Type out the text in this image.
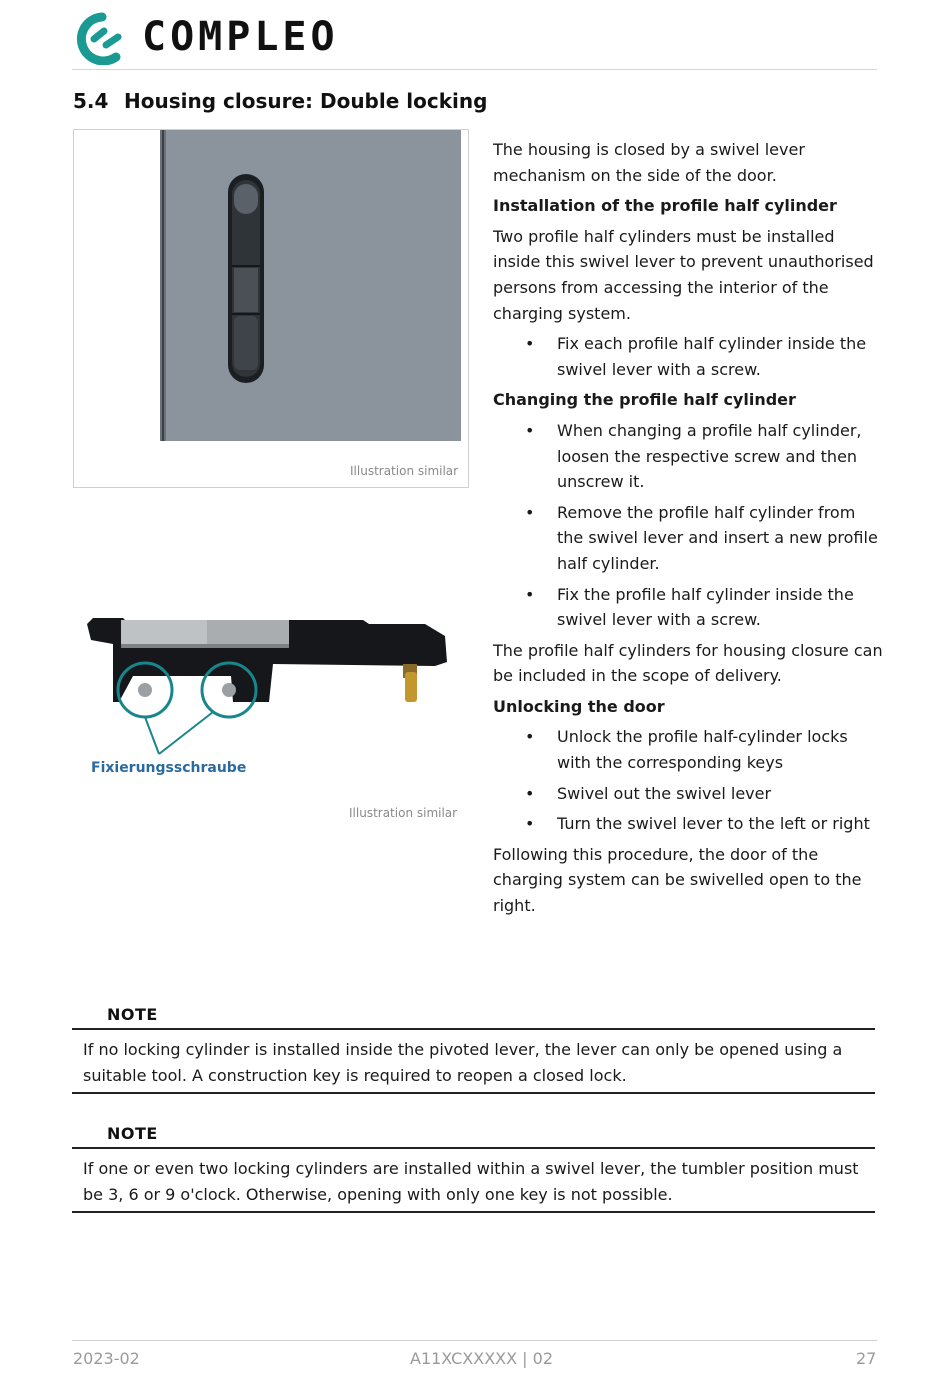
COMPLEO
5.4 Housing closure: Double locking
Illustration similar
Fixierungsschraube
Illustration similar

The housing is closed by a swivel lever mechanism on the side of the door.

Installation of the profile half cylinder

Two profile half cylinders must be installed inside this swivel lever to prevent unauthorised persons from accessing the interior of the charging system.

• Fix each profile half cylinder inside the swivel lever with a screw.

Changing the profile half cylinder

• When changing a profile half cylinder, loosen the respective screw and then unscrew it.
• Remove the profile half cylinder from the swivel lever and insert a new profile half cylinder.
• Fix the profile half cylinder inside the swivel lever with a screw.

The profile half cylinders for housing closure can be included in the scope of delivery.

Unlocking the door

• Unlock the profile half-cylinder locks with the corresponding keys
• Swivel out the swivel lever
• Turn the swivel lever to the left or right

Following this procedure, the door of the charging system can be swivelled open to the right.

NOTE
If no locking cylinder is installed inside the pivoted lever, the lever can only be opened using a suitable tool. A construction key is required to reopen a closed lock.
NOTE
If one or even two locking cylinders are installed within a swivel lever, the tumbler position must be 3, 6 or 9 o'clock. Otherwise, opening with only one key is not possible.
2023-02	A11XCXXXXX | 02	27
